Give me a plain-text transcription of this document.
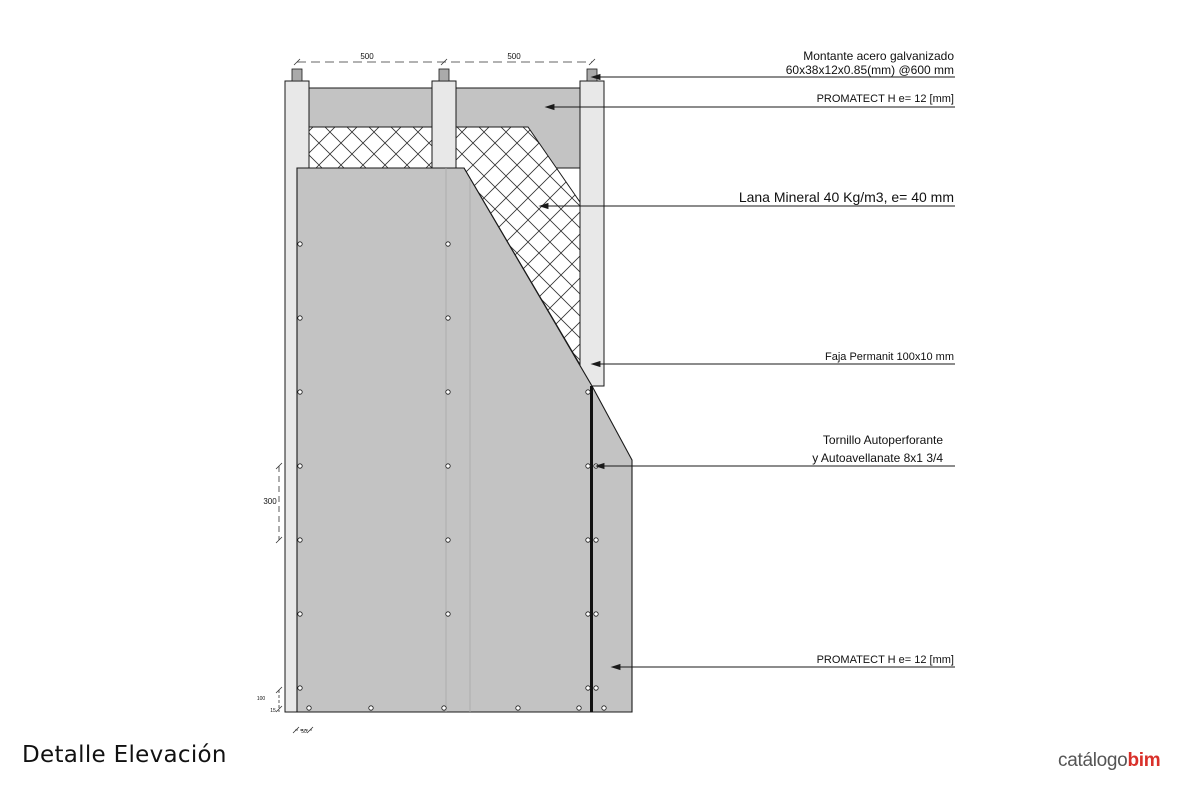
500	500
300
100
15
50
Montante acero galvanizado
60x38x12x0.85(mm) @600 mm
PROMATECT H e= 12 [mm]
Lana Mineral 40 Kg/m3, e= 40 mm
Faja Permanit 100x10 mm
Tornillo Autoperforante
y Autoavellanate 8x1 3/4
PROMATECT H e= 12 [mm]
Detalle Elevación	catálogobim
